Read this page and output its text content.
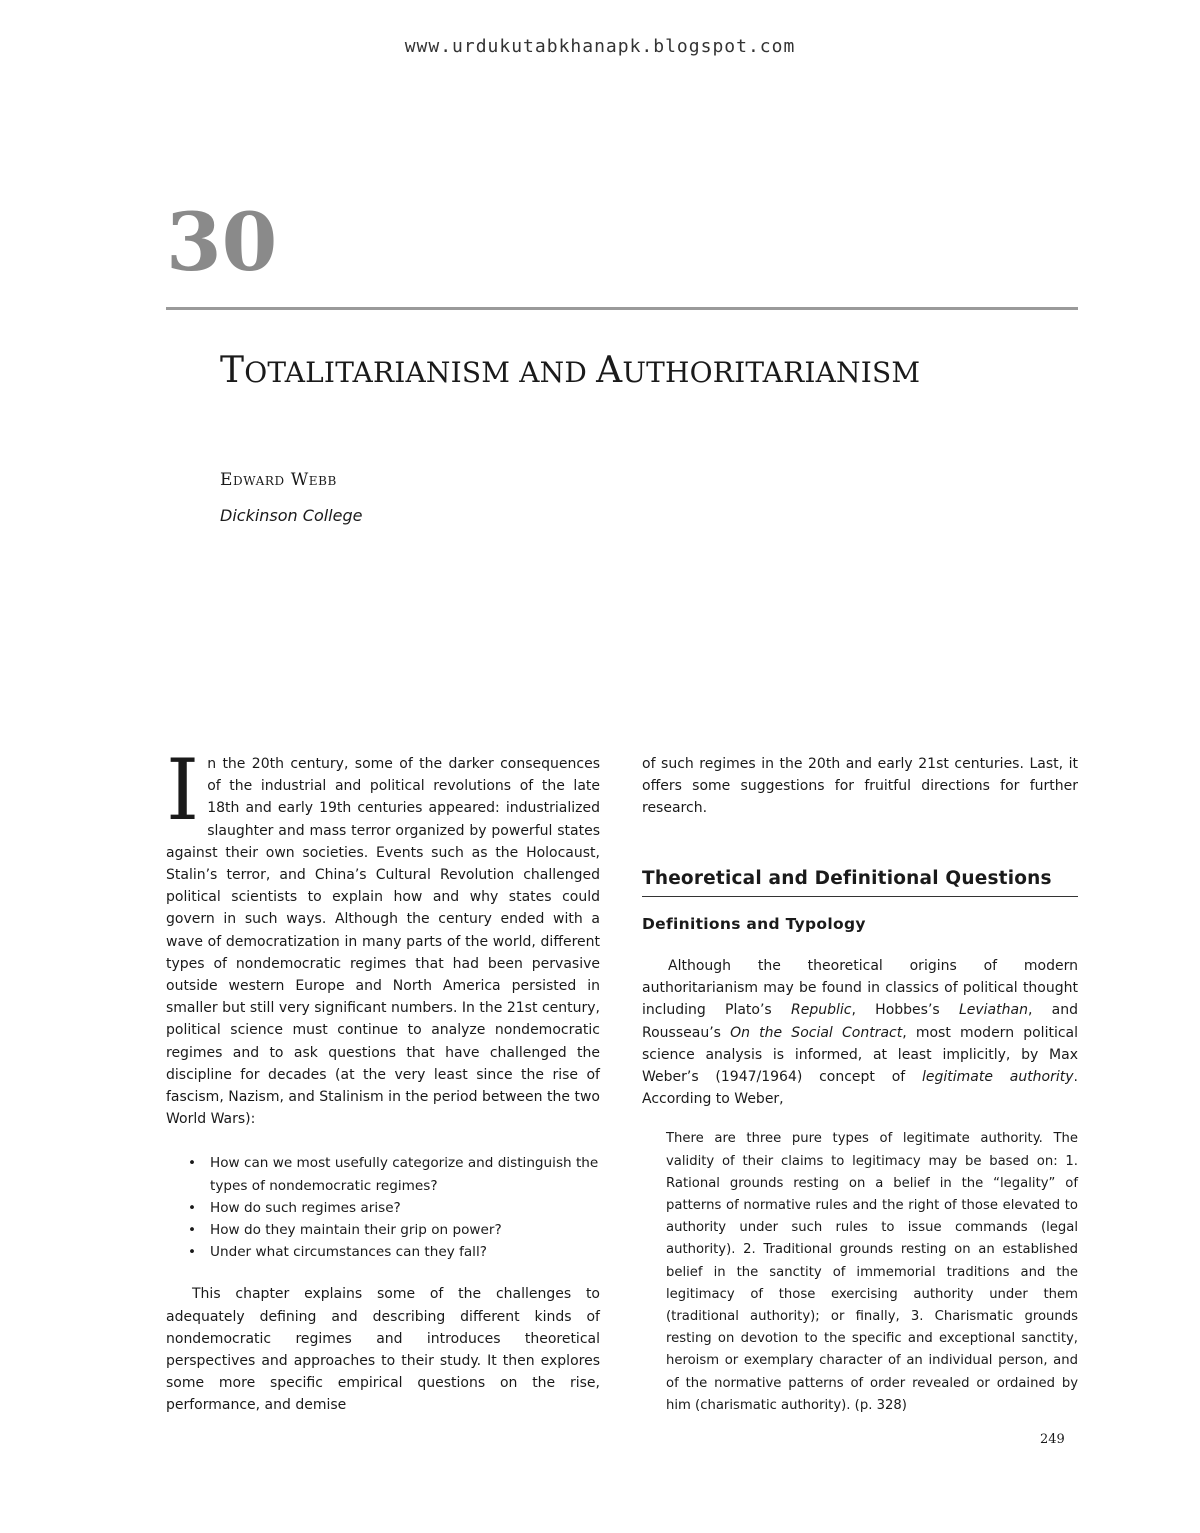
www.urdukutabkhanapk.blogspot.com
30
TOTALITARIANISM AND AUTHORITARIANISM
Edward Webb
Dickinson College

In the 20th century, some of the darker consequences of the industrial and political revolutions of the late 18th and early 19th centuries appeared: industrialized slaughter and mass terror organized by powerful states against their own societies. Events such as the Holocaust, Stalin’s terror, and China’s Cultural Revolution challenged political scientists to explain how and why states could govern in such ways. Although the century ended with a wave of democratization in many parts of the world, different types of nondemocratic regimes that had been pervasive outside western Europe and North America persisted in smaller but still very significant numbers. In the 21st century, political science must continue to analyze nondemocratic regimes and to ask questions that have challenged the discipline for decades (at the very least since the rise of fascism, Nazism, and Stalinism in the period between the two World Wars):

• How can we most usefully categorize and distinguish the types of nondemocratic regimes?
• How do such regimes arise?
• How do they maintain their grip on power?
• Under what circumstances can they fall?

This chapter explains some of the challenges to adequately defining and describing different kinds of nondemocratic regimes and introduces theoretical perspectives and approaches to their study. It then explores some more specific empirical questions on the rise, performance, and demise

of such regimes in the 20th and early 21st centuries. Last, it offers some suggestions for fruitful directions for further research.

Theoretical and Definitional Questions
Definitions and Typology

Although the theoretical origins of modern authoritarianism may be found in classics of political thought including Plato’s Republic, Hobbes’s Leviathan, and Rousseau’s On the Social Contract, most modern political science analysis is informed, at least implicitly, by Max Weber’s (1947/1964) concept of legitimate authority. According to Weber,

There are three pure types of legitimate authority. The validity of their claims to legitimacy may be based on: 1. Rational grounds resting on a belief in the “legality” of patterns of normative rules and the right of those elevated to authority under such rules to issue commands (legal authority). 2. Traditional grounds resting on an established belief in the sanctity of immemorial traditions and the legitimacy of those exercising authority under them (traditional authority); or finally, 3. Charismatic grounds resting on devotion to the specific and exceptional sanctity, heroism or exemplary character of an individual person, and of the normative patterns of order revealed or ordained by him (charismatic authority). (p. 328)
249
